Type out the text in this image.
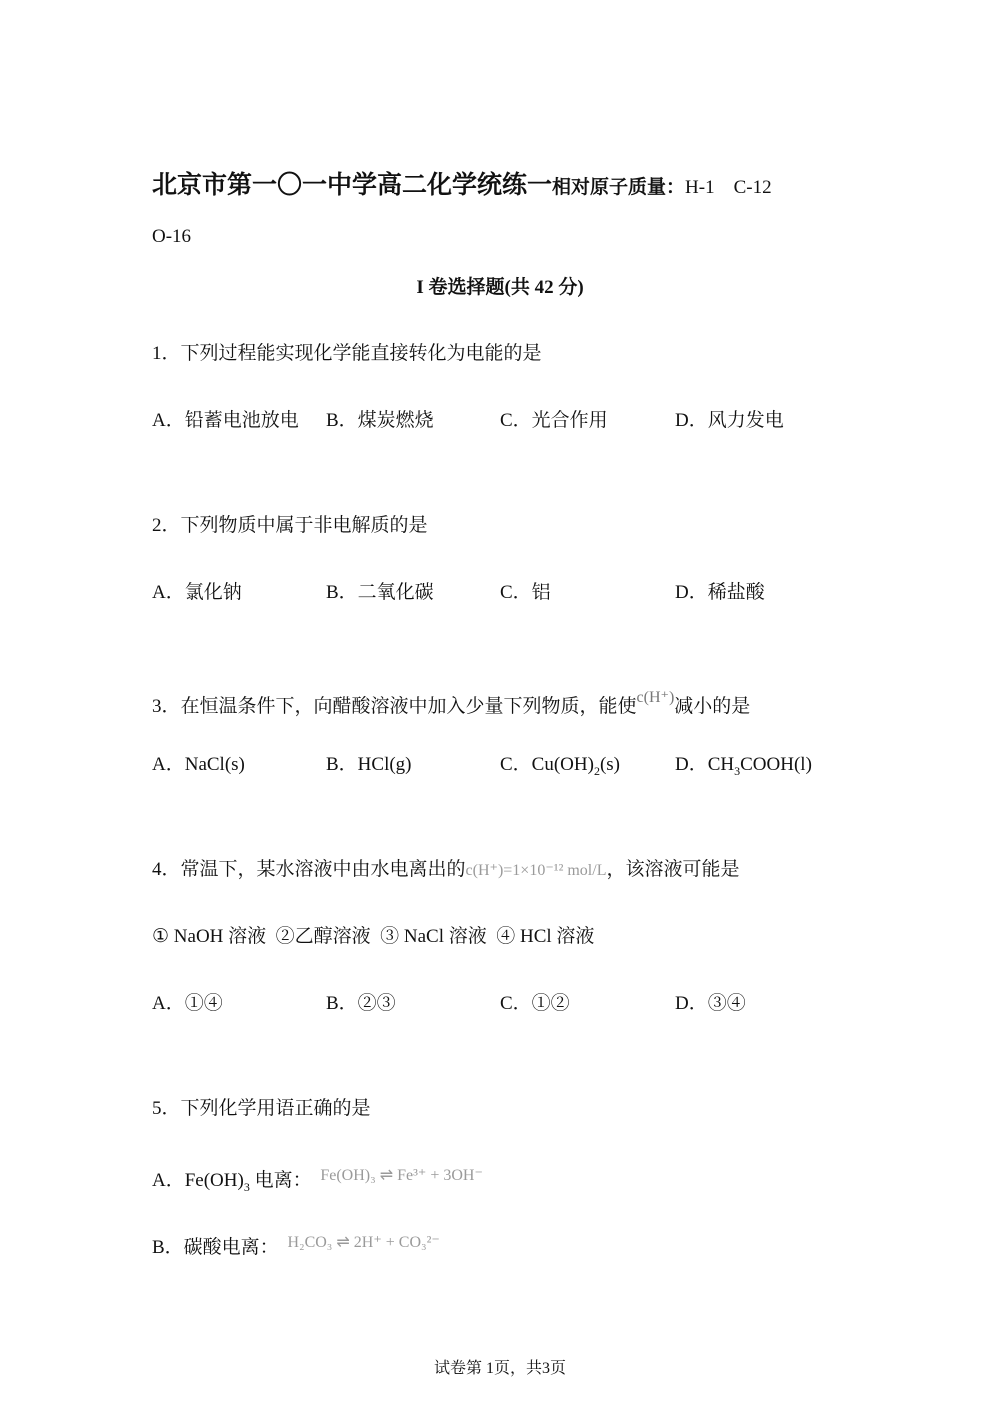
北京市第一〇一中学高二化学统练一相对原子质量：H-1    C-12
O-16
I 卷选择题(共 42 分)
1．下列过程能实现化学能直接转化为电能的是
A．铅蓄电池放电 B．煤炭燃烧	C．光合作用	D．风力发电
2．下列物质中属于非电解质的是
A．氯化钠	B．二氧化碳	C．铝	D．稀盐酸
3．在恒温条件下，向醋酸溶液中加入少量下列物质，能使$^{c(H^+)}$减小的是
A．NaCl(s)	B．HCl(g)	C．$Cu(OH)_2(s)$	D．$CH_3COOH(l)$
4．常温下，某水溶液中由水电离出的c(H⁺)=1×10⁻¹² mol/L，该溶液可能是
① NaOH 溶液  ②乙醇溶液  ③ NaCl 溶液  ④ HCl 溶液
A．①④	B．②③	C．①②	D．③④
5．下列化学用语正确的是
A．$Fe(OH)_3$ 电离： $^{Fe(OH)_3 \rightleftharpoons Fe^{3+} + 3OH^-}$
B．碳酸电离： $^{H_2CO_3 \rightleftharpoons 2H^+ + CO_3^{2-}}$
试卷第 1页，共3页
